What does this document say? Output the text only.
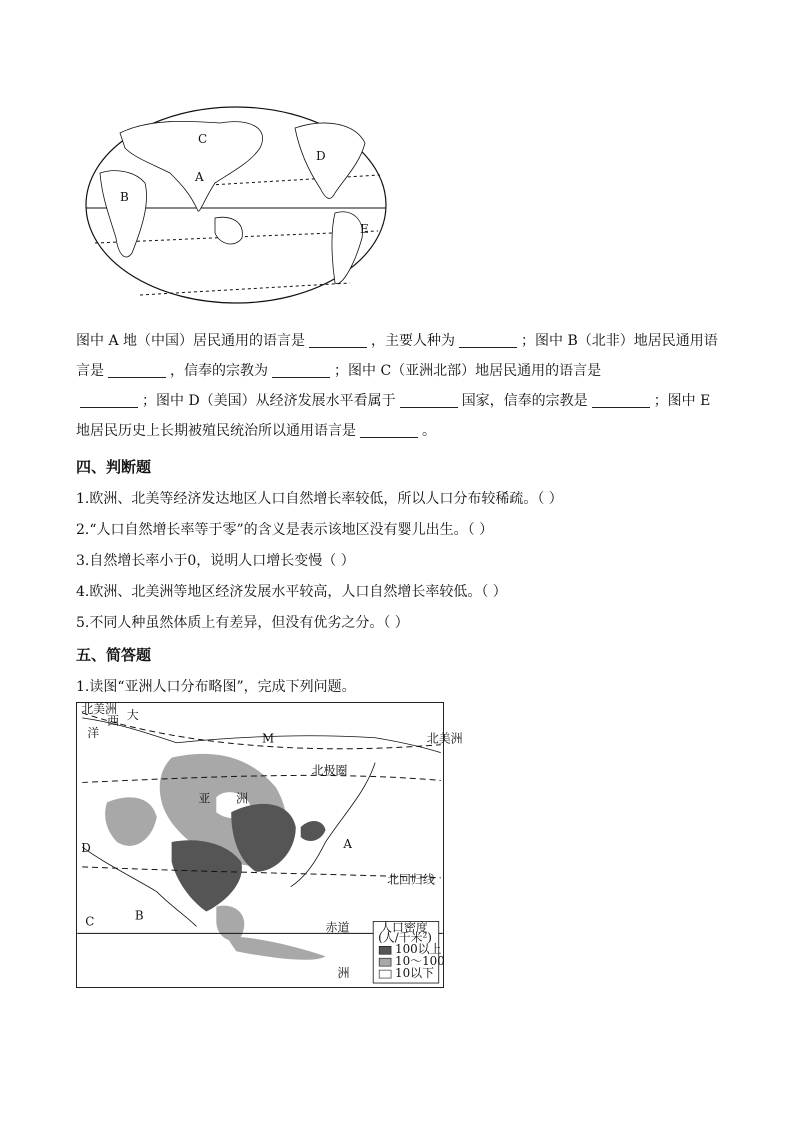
C
A
B
D
E
图中 A 地（中国）居民通用的语言是	，主要人种为	；图中 B（北非）地居民通用语言是	，信奉的宗教为	；图中 C（亚洲北部）地居民通用的语言是
；图中 D（美国）从经济发展水平看属于	国家，信奉的宗教是	；图中 E 地居民历史上长期被殖民统治所以通用语言是	。
四、判断题
1.欧洲、北美等经济发达地区人口自然增长率较低，所以人口分布较稀疏。（ ）
2.“人口自然增长率等于零”的含义是表示该地区没有婴儿出生。（ ）
3.自然增长率小于0，说明人口增长变慢（ ）
4.欧洲、北美洲等地区经济发展水平较高，人口自然增长率较低。（ ）
5.不同人种虽然体质上有差异，但没有优劣之分。（ ）
五、简答题
1.读图“亚洲人口分布略图”，完成下列问题。
北美洲 大
西
洋	M
北极圈
北美洲
亚 洲
A
D
北回归线
B
C	赤道
洲
人口密度
(人/千米²)
100以上
10～100
10以下
